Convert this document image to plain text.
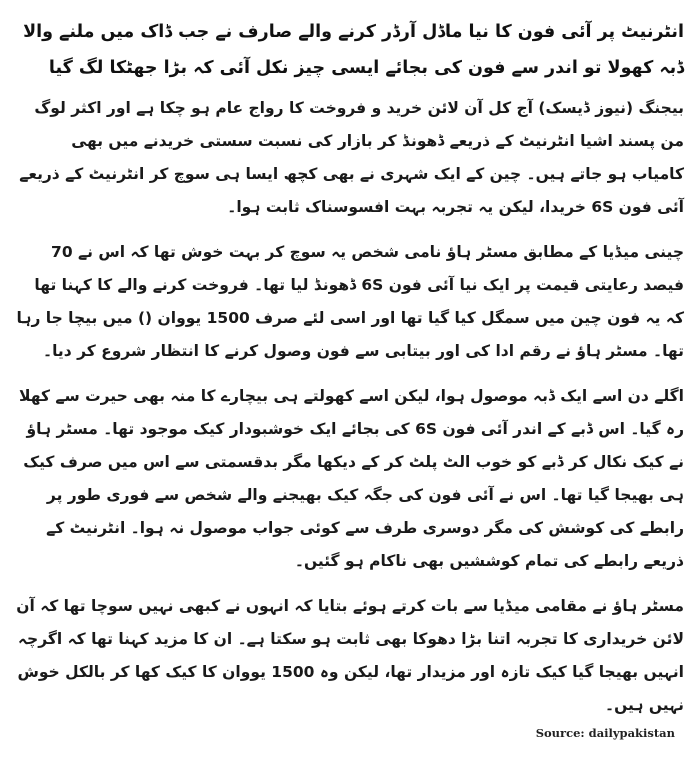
انٹرنیٹ پر آئی فون کا نیا ماڈل آرڈر کرنے والے صارف نے جب ڈاک میں ملنے والا ڈبہ کھولا تو اندر سے فون کی بجائے ایسی چیز نکل آئی کہ بڑا جھٹکا لگ گیا

بیجنگ (نیوز ڈیسک) آج کل آن لائن خرید و فروخت کا رواج عام ہو چکا ہے اور اکثر لوگ من پسند اشیا انٹرنیٹ کے ذریعے ڈھونڈ کر بازار کی نسبت سستی خریدنے میں بھی کامیاب ہو جاتے ہیں۔ چین کے ایک شہری نے بھی کچھ ایسا ہی سوچ کر انٹرنیٹ کے ذریعے آئی فون 6S خریدا، لیکن یہ تجربہ بہت افسوسناک ثابت ہوا۔

چینی میڈیا کے مطابق مسٹر ہاؤ نامی شخص یہ سوچ کر بہت خوش تھا کہ اس نے 70 فیصد رعایتی قیمت پر ایک نیا آئی فون 6S ڈھونڈ لیا تھا۔ فروخت کرنے والے کا کہنا تھا کہ یہ فون چین میں سمگل کیا گیا تھا اور اسی لئے صرف 1500 یووان () میں بیچا جا رہا تھا۔ مسٹر ہاؤ نے رقم ادا کی اور بیتابی سے فون وصول کرنے کا انتظار شروع کر دیا۔

اگلے دن اسے ایک ڈبہ موصول ہوا، لیکن اسے کھولتے ہی بیچارے کا منہ بھی حیرت سے کھلا رہ گیا۔ اس ڈبے کے اندر آئی فون 6S کی بجائے ایک خوشبودار کیک موجود تھا۔ مسٹر ہاؤ نے کیک نکال کر ڈبے کو خوب الٹ پلٹ کر کے دیکھا مگر بدقسمتی سے اس میں صرف کیک ہی بھیجا گیا تھا۔ اس نے آئی فون کی جگہ کیک بھیجنے والے شخص سے فوری طور پر رابطے کی کوشش کی مگر دوسری طرف سے کوئی جواب موصول نہ ہوا۔ انٹرنیٹ کے ذریعے رابطے کی تمام کوششیں بھی ناکام ہو گئیں۔

مسٹر ہاؤ نے مقامی میڈیا سے بات کرتے ہوئے بتایا کہ انہوں نے کبھی نہیں سوچا تھا کہ آن لائن خریداری کا تجربہ اتنا بڑا دھوکا بھی ثابت ہو سکتا ہے۔ ان کا مزید کہنا تھا کہ اگرچہ انہیں بھیجا گیا کیک تازہ اور مزیدار تھا، لیکن وہ 1500 یووان کا کیک کھا کر بالکل خوش نہیں ہیں۔

Source: dailypakistan
